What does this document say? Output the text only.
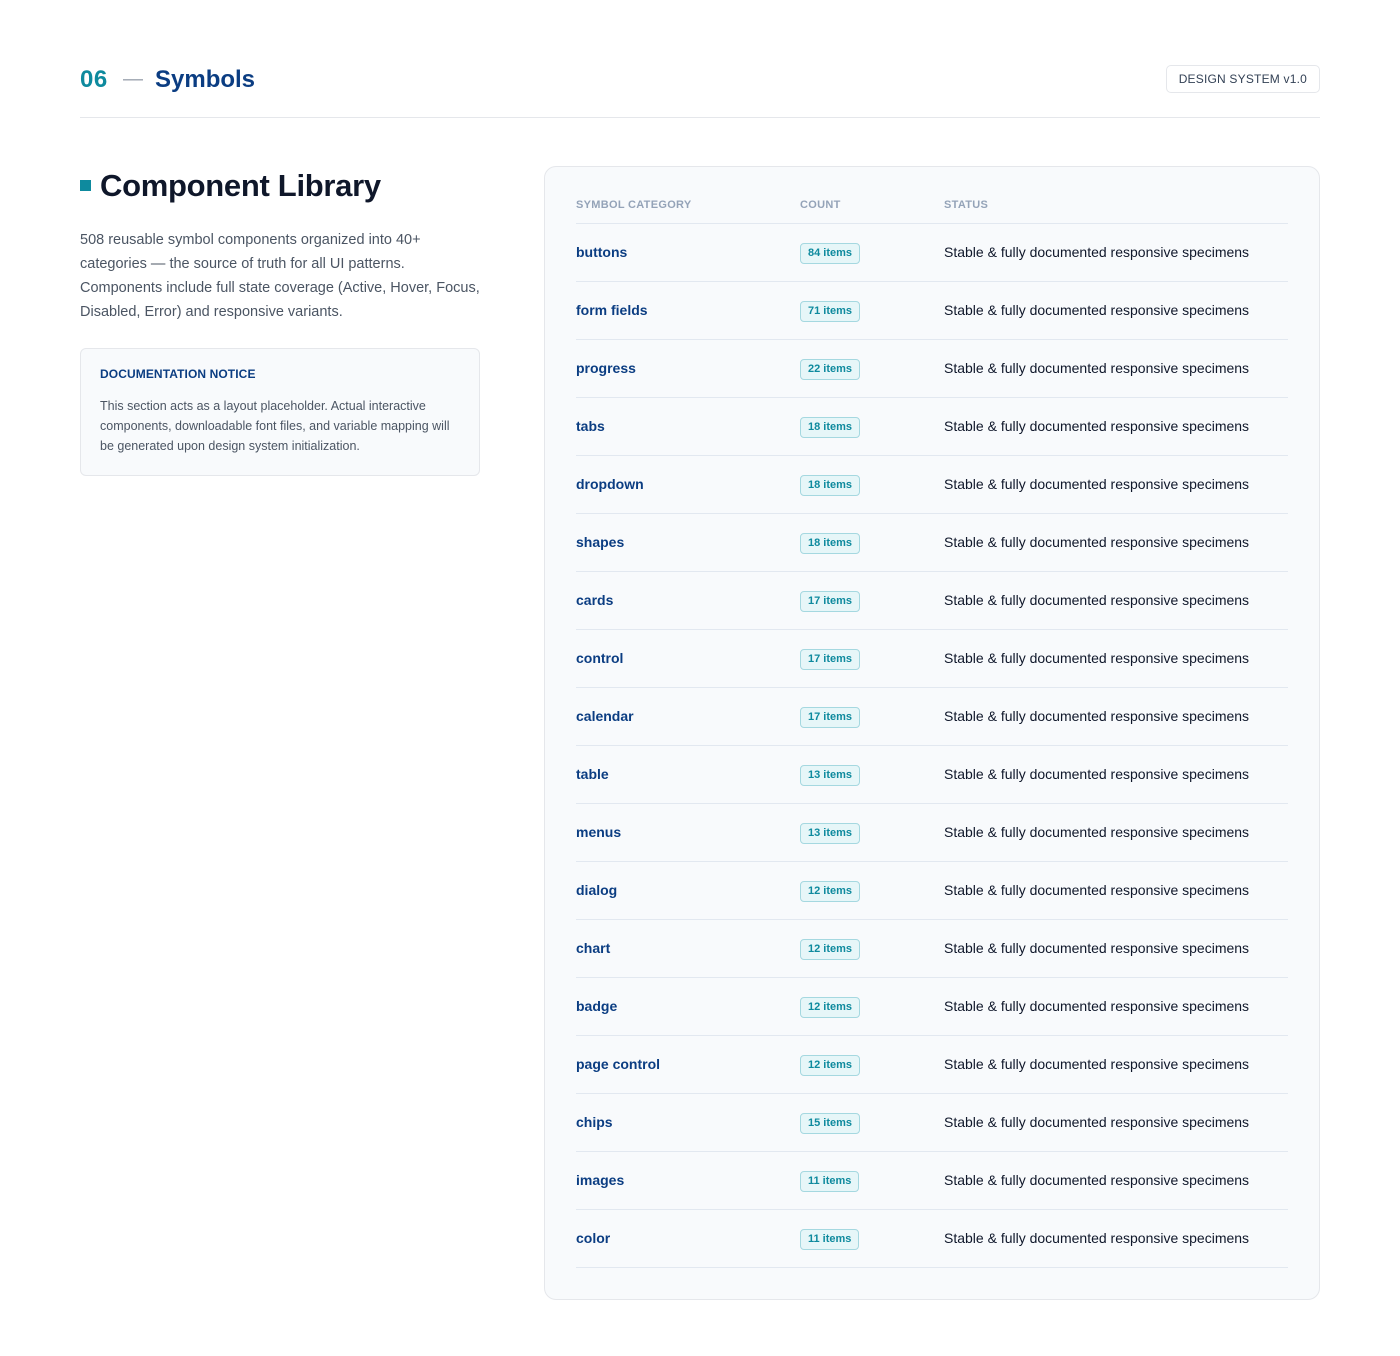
06 — Symbols	DESIGN SYSTEM v1.0
Component Library

508 reusable symbol components organized into 40+ categories — the source of truth for all UI patterns. Components include full state coverage (Active, Hover, Focus, Disabled, Error) and responsive variants.

DOCUMENTATION NOTICE

This section acts as a layout placeholder. Actual interactive components, downloadable font files, and variable mapping will be generated upon design system initialization.

SYMBOL CATEGORY	COUNT	STATUS
buttons	84 items	Stable & fully documented responsive specimens
form fields	71 items	Stable & fully documented responsive specimens
progress	22 items	Stable & fully documented responsive specimens
tabs	18 items	Stable & fully documented responsive specimens
dropdown	18 items	Stable & fully documented responsive specimens
shapes	18 items	Stable & fully documented responsive specimens
cards	17 items	Stable & fully documented responsive specimens
control	17 items	Stable & fully documented responsive specimens
calendar	17 items	Stable & fully documented responsive specimens
table	13 items	Stable & fully documented responsive specimens
menus	13 items	Stable & fully documented responsive specimens
dialog	12 items	Stable & fully documented responsive specimens
chart	12 items	Stable & fully documented responsive specimens
badge	12 items	Stable & fully documented responsive specimens
page control	12 items	Stable & fully documented responsive specimens
chips	15 items	Stable & fully documented responsive specimens
images	11 items	Stable & fully documented responsive specimens
color	11 items	Stable & fully documented responsive specimens
